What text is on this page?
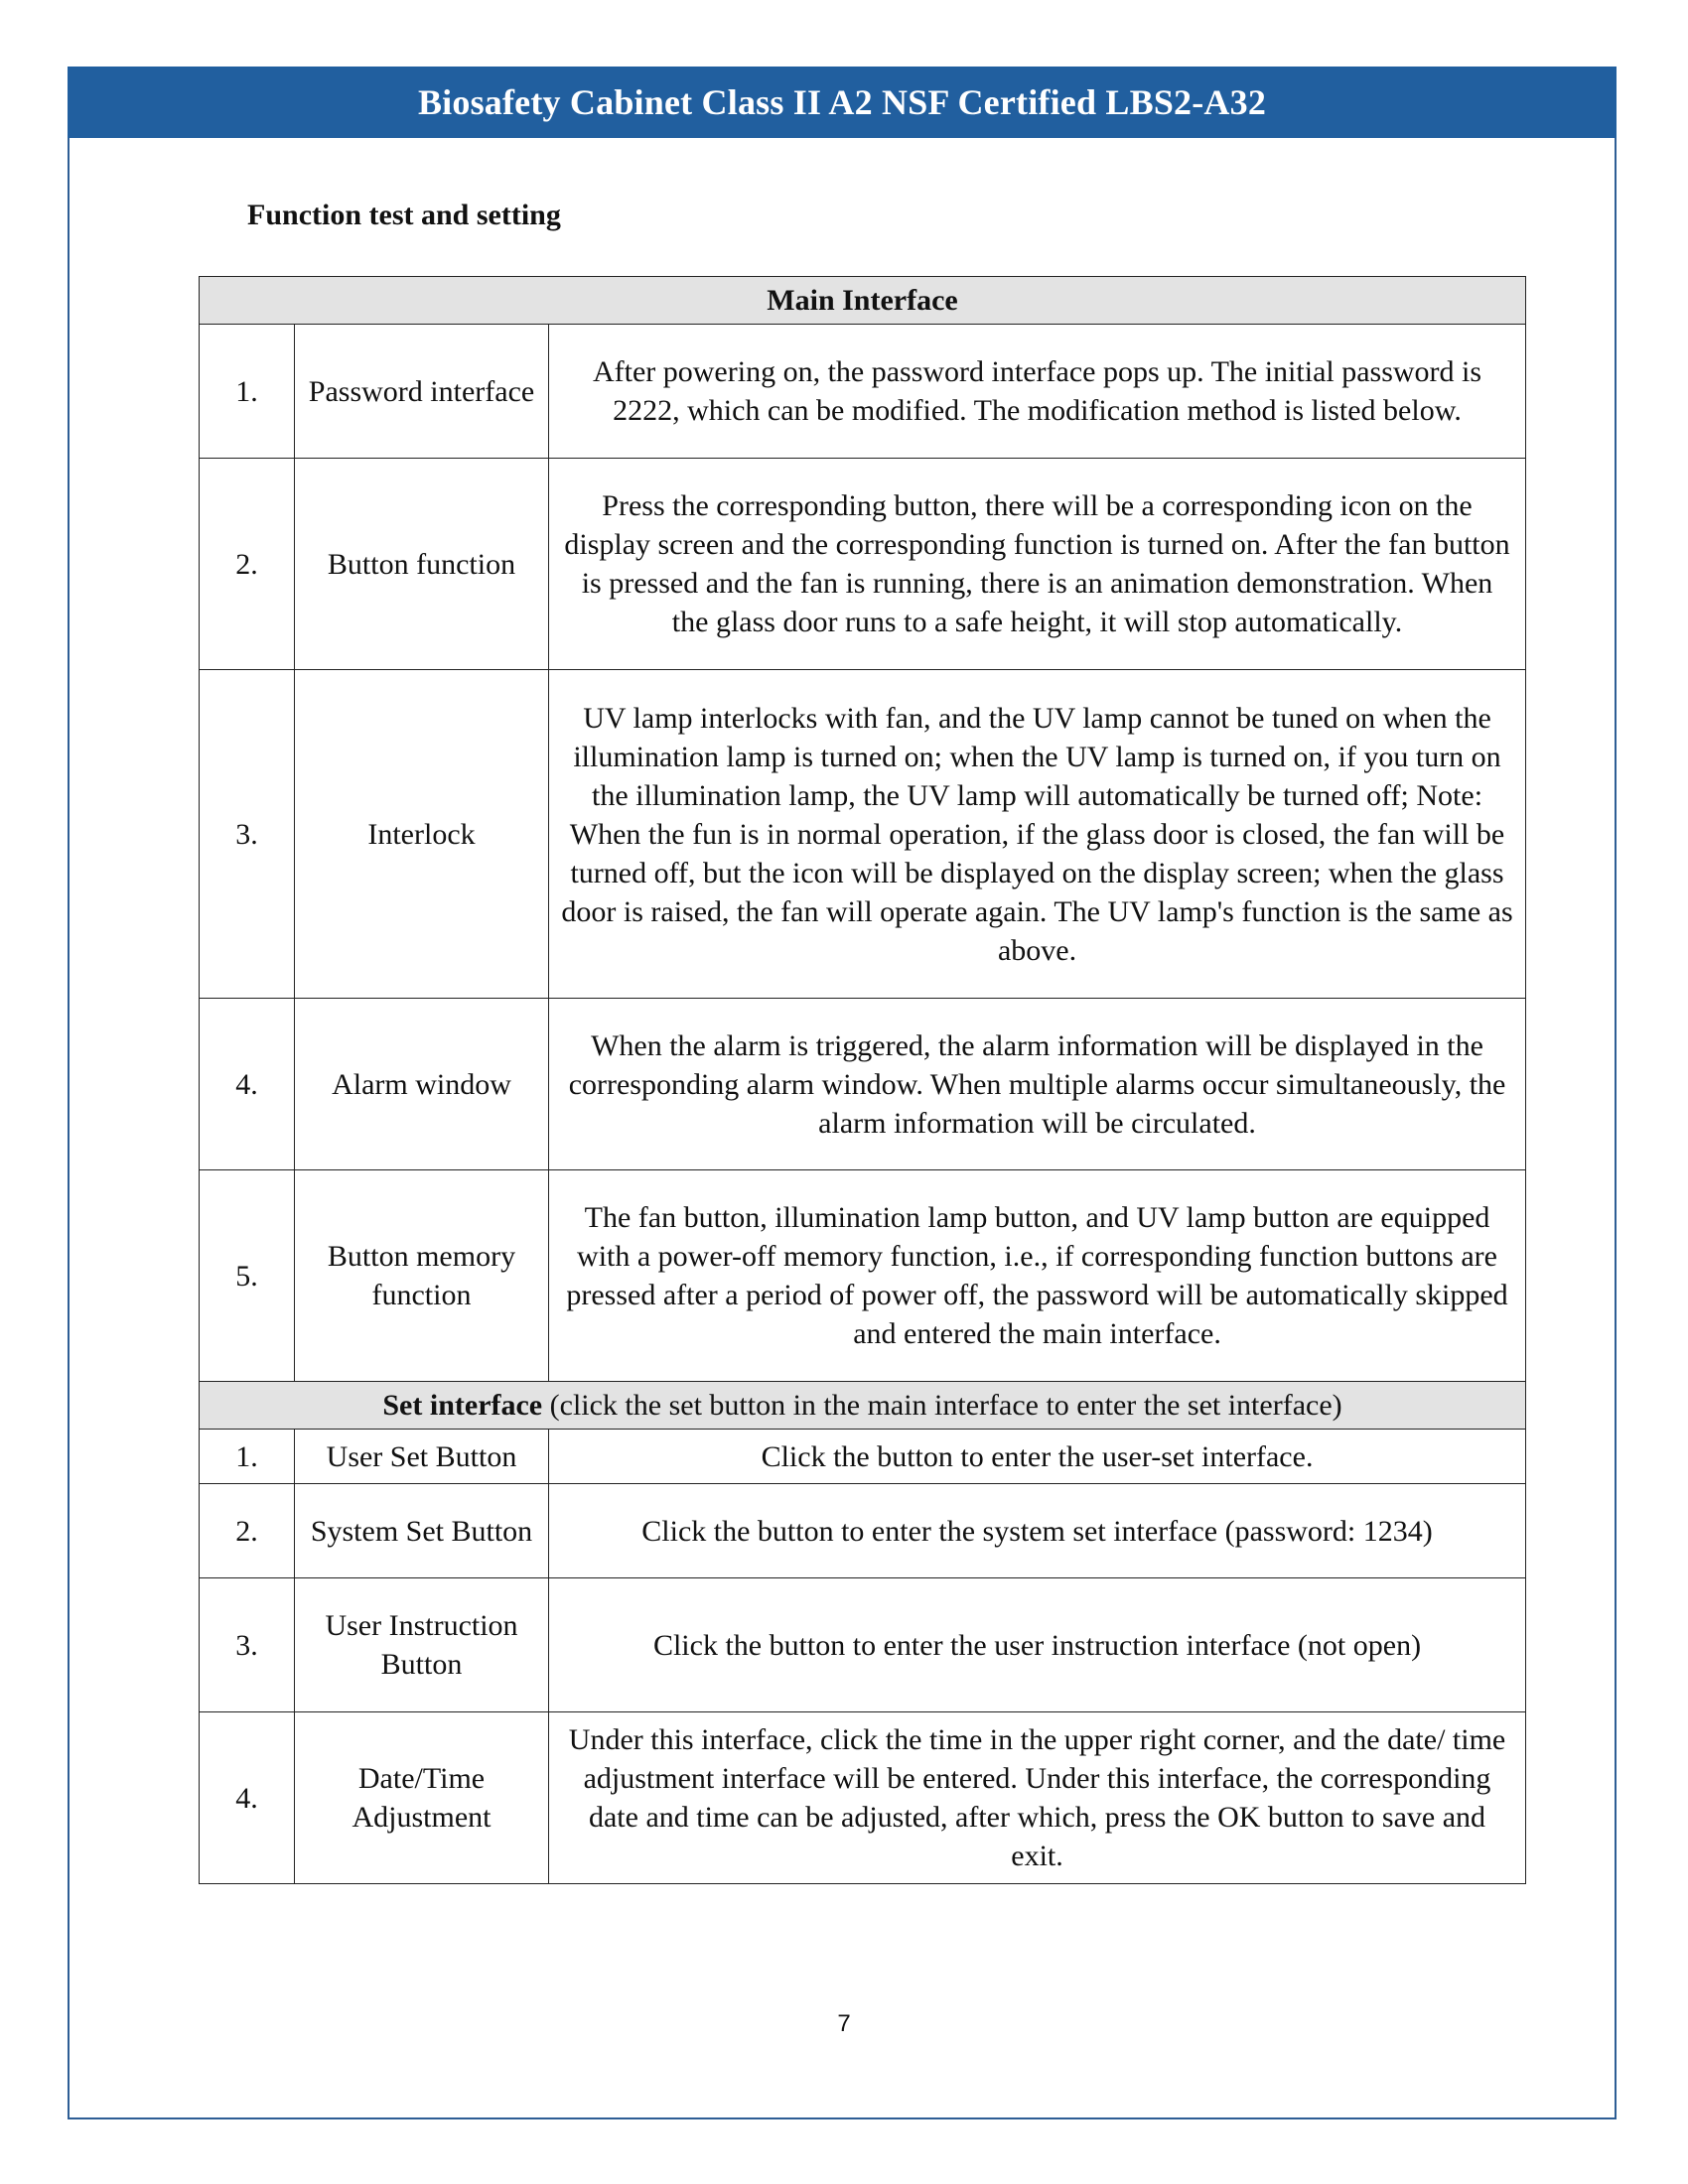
Biosafety Cabinet Class II A2 NSF Certified LBS2-A32
Function test and setting
Main Interface		
1.	Password interface	After powering on, the password interface pops up. The initial password is 2222, which can be modified. The modification method is listed below.
2.	Button function	Press the corresponding button, there will be a corresponding icon on the display screen and the corresponding function is turned on. After the fan button is pressed and the fan is running, there is an animation demonstration. When the glass door runs to a safe height, it will stop automatically.
3.	Interlock	UV lamp interlocks with fan, and the UV lamp cannot be tuned on when the illumination lamp is turned on; when the UV lamp is turned on, if you turn on the illumination lamp, the UV lamp will automatically be turned off; Note: When the fun is in normal operation, if the glass door is closed, the fan will be turned off, but the icon will be displayed on the display screen; when the glass door is raised, the fan will operate again. The UV lamp's function is the same as above.
4.	Alarm window	When the alarm is triggered, the alarm information will be displayed in the corresponding alarm window. When multiple alarms occur simultaneously, the alarm information will be circulated.
5.	Button memory function	The fan button, illumination lamp button, and UV lamp button are equipped with a power-off memory function, i.e., if corresponding function buttons are pressed after a period of power off, the password will be automatically skipped and entered the main interface.
Set interface (click the set button in the main interface to enter the set interface)		
1.	User Set Button	Click the button to enter the user-set interface.
2.	System Set Button	Click the button to enter the system set interface (password: 1234)
3.	User Instruction Button	Click the button to enter the user instruction interface (not open)
4.	Date/Time Adjustment	Under this interface, click the time in the upper right corner, and the date/ time adjustment interface will be entered. Under this interface, the corresponding date and time can be adjusted, after which, press the OK button to save and exit.
7
